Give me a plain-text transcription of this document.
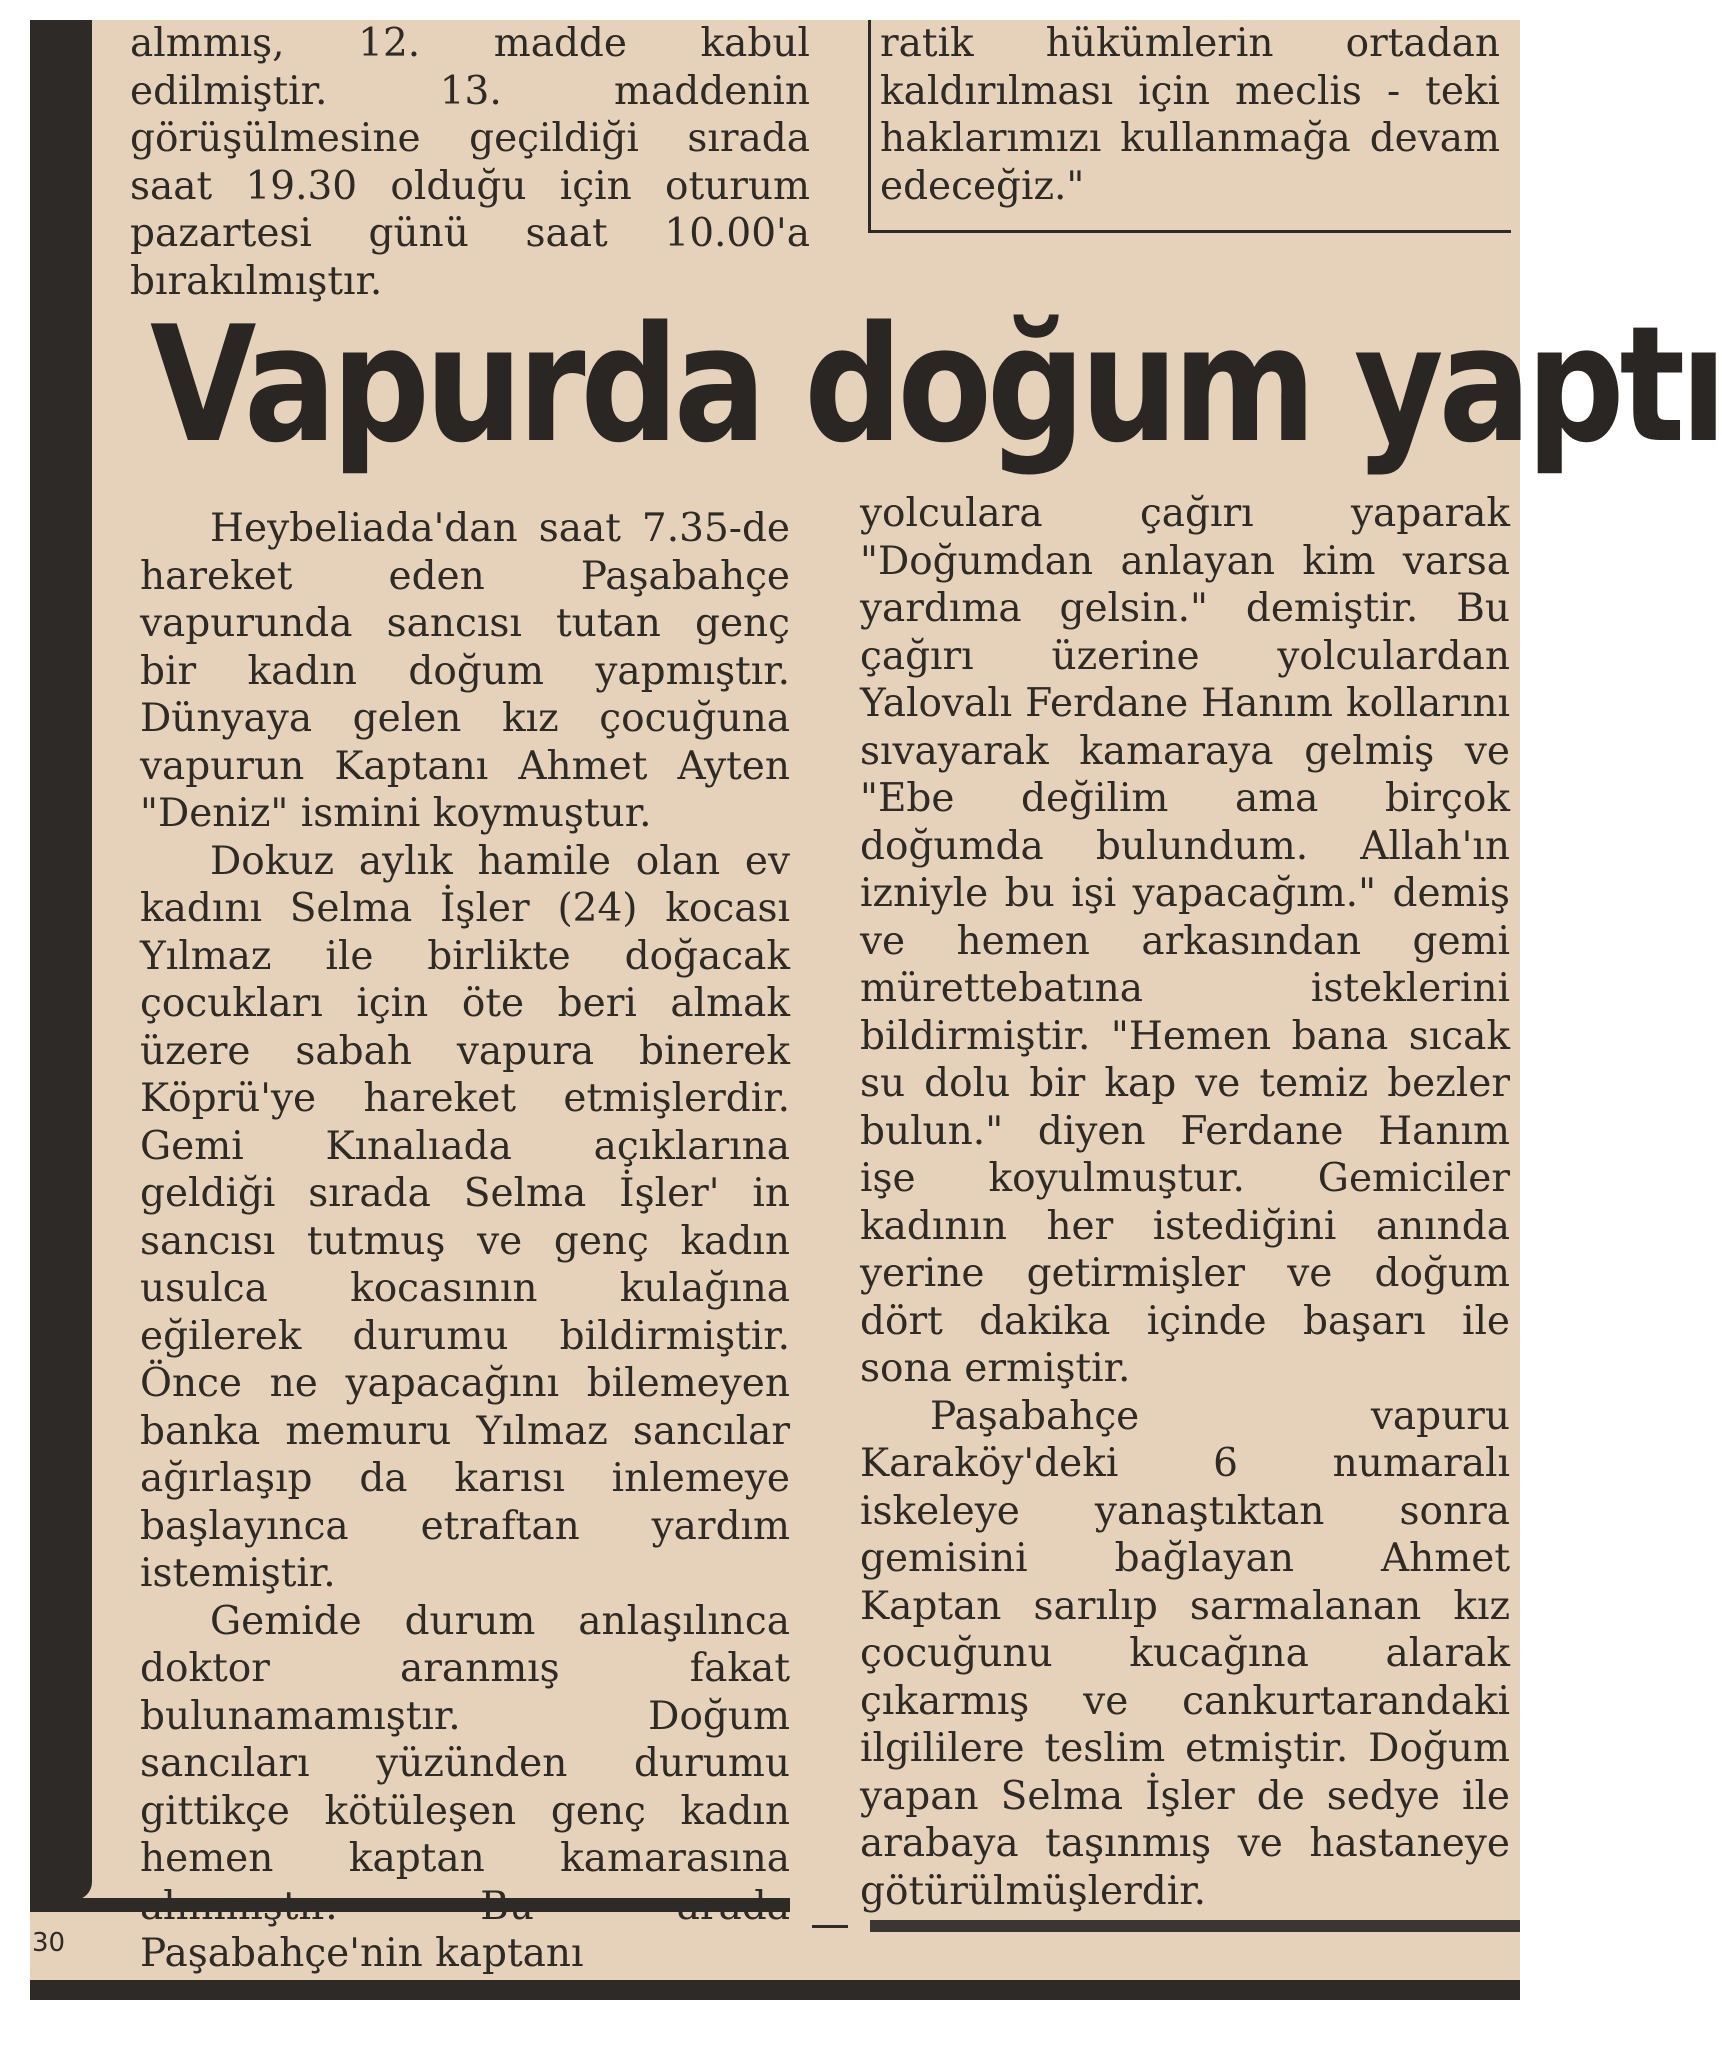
almmış, 12. madde kabul edilmiştir. 13. maddenin görüşülmesine geçildiği sırada saat 19.30 olduğu için oturum pazartesi günü saat 10.00'a bırakılmıştır.

ratik hükümlerin ortadan kaldırılması için meclis - teki haklarımızı kullanmağa devam edeceğiz."

Vapurda doğum yaptı

Heybeliada'dan saat 7.35-de hareket eden Paşabahçe vapurunda sancısı tutan genç bir kadın doğum yapmıştır. Dünyaya gelen kız çocuğuna vapurun Kaptanı Ahmet Ayten "Deniz" ismini koymuştur.

Dokuz aylık hamile olan ev kadını Selma İşler (24) kocası Yılmaz ile birlikte doğacak çocukları için öte beri almak üzere sabah vapura binerek Köprü'ye hareket etmişlerdir. Gemi Kınalıada açıklarına geldiği sırada Selma İşler' in sancısı tutmuş ve genç kadın usulca kocasının kulağına eğilerek durumu bildirmiştir. Önce ne yapacağını bilemeyen banka memuru Yılmaz sancılar ağırlaşıp da karısı inlemeye başlayınca etraftan yardım istemiştir.

Gemide durum anlaşılınca doktor aranmış fakat bulunamamıştır. Doğum sancıları yüzünden durumu gittikçe kötüleşen genç kadın hemen kaptan kamarasına alınmıştır. Bu arada Paşabahçe'nin kaptanı

yolculara çağırı yaparak "Doğumdan anlayan kim varsa yardıma gelsin." demiştir. Bu çağırı üzerine yolculardan Yalovalı Ferdane Hanım kollarını sıvayarak kamaraya gelmiş ve "Ebe değilim ama birçok doğumda bulundum. Allah'ın izniyle bu işi yapacağım." demiş ve hemen arkasından gemi mürettebatına isteklerini bildirmiştir. "Hemen bana sıcak su dolu bir kap ve temiz bezler bulun." diyen Ferdane Hanım işe koyulmuştur. Gemiciler kadının her istediğini anında yerine getirmişler ve doğum dört dakika içinde başarı ile sona ermiştir.

Paşabahçe vapuru Karaköy'deki 6 numaralı iskeleye yanaştıktan sonra gemisini bağlayan Ahmet Kaptan sarılıp sarmalanan kız çocuğunu kucağına alarak çıkarmış ve cankurtarandaki ilgililere teslim etmiştir. Doğum yapan Selma İşler de sedye ile arabaya taşınmış ve hastaneye götürülmüşlerdir.

30
